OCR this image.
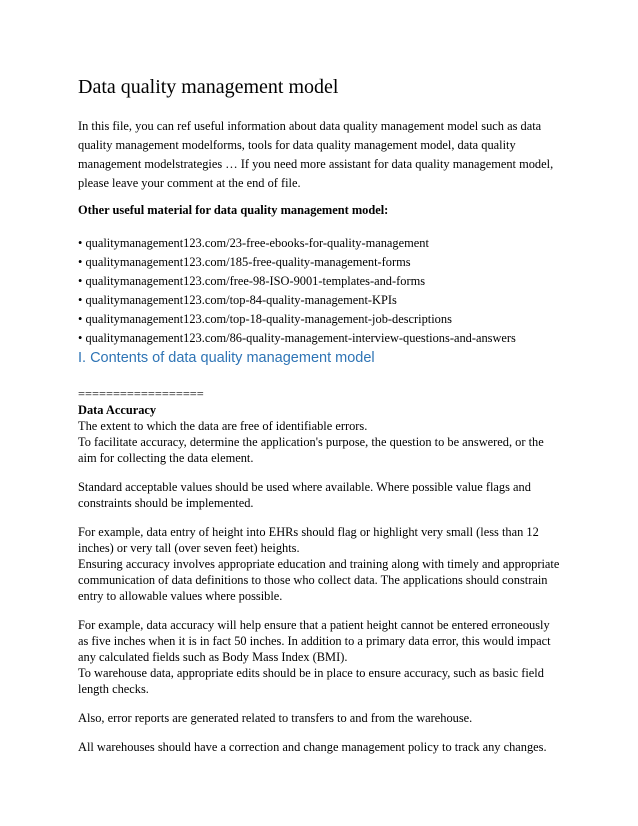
Data quality management model

In this file, you can ref useful information about data quality management model such as data

quality management modelforms, tools for data quality management model, data quality

management modelstrategies … If you need more assistant for data quality management model,

please leave your comment at the end of file.

Other useful material for data quality management model:
• qualitymanagement123.com/23-free-ebooks-for-quality-management
• qualitymanagement123.com/185-free-quality-management-forms
• qualitymanagement123.com/free-98-ISO-9001-templates-and-forms
• qualitymanagement123.com/top-84-quality-management-KPIs
• qualitymanagement123.com/top-18-quality-management-job-descriptions
• qualitymanagement123.com/86-quality-management-interview-questions-and-answers
I. Contents of data quality management model

==================

Data Accuracy

The extent to which the data are free of identifiable errors.

To facilitate accuracy, determine the application's purpose, the question to be answered, or the

aim for collecting the data element.

Standard acceptable values should be used where available. Where possible value flags and

constraints should be implemented.

For example, data entry of height into EHRs should flag or highlight very small (less than 12

inches) or very tall (over seven feet) heights.

Ensuring accuracy involves appropriate education and training along with timely and appropriate

communication of data definitions to those who collect data. The applications should constrain

entry to allowable values where possible.

For example, data accuracy will help ensure that a patient height cannot be entered erroneously

as five inches when it is in fact 50 inches. In addition to a primary data error, this would impact

any calculated fields such as Body Mass Index (BMI).

To warehouse data, appropriate edits should be in place to ensure accuracy, such as basic field

length checks.

Also, error reports are generated related to transfers to and from the warehouse.

All warehouses should have a correction and change management policy to track any changes.
